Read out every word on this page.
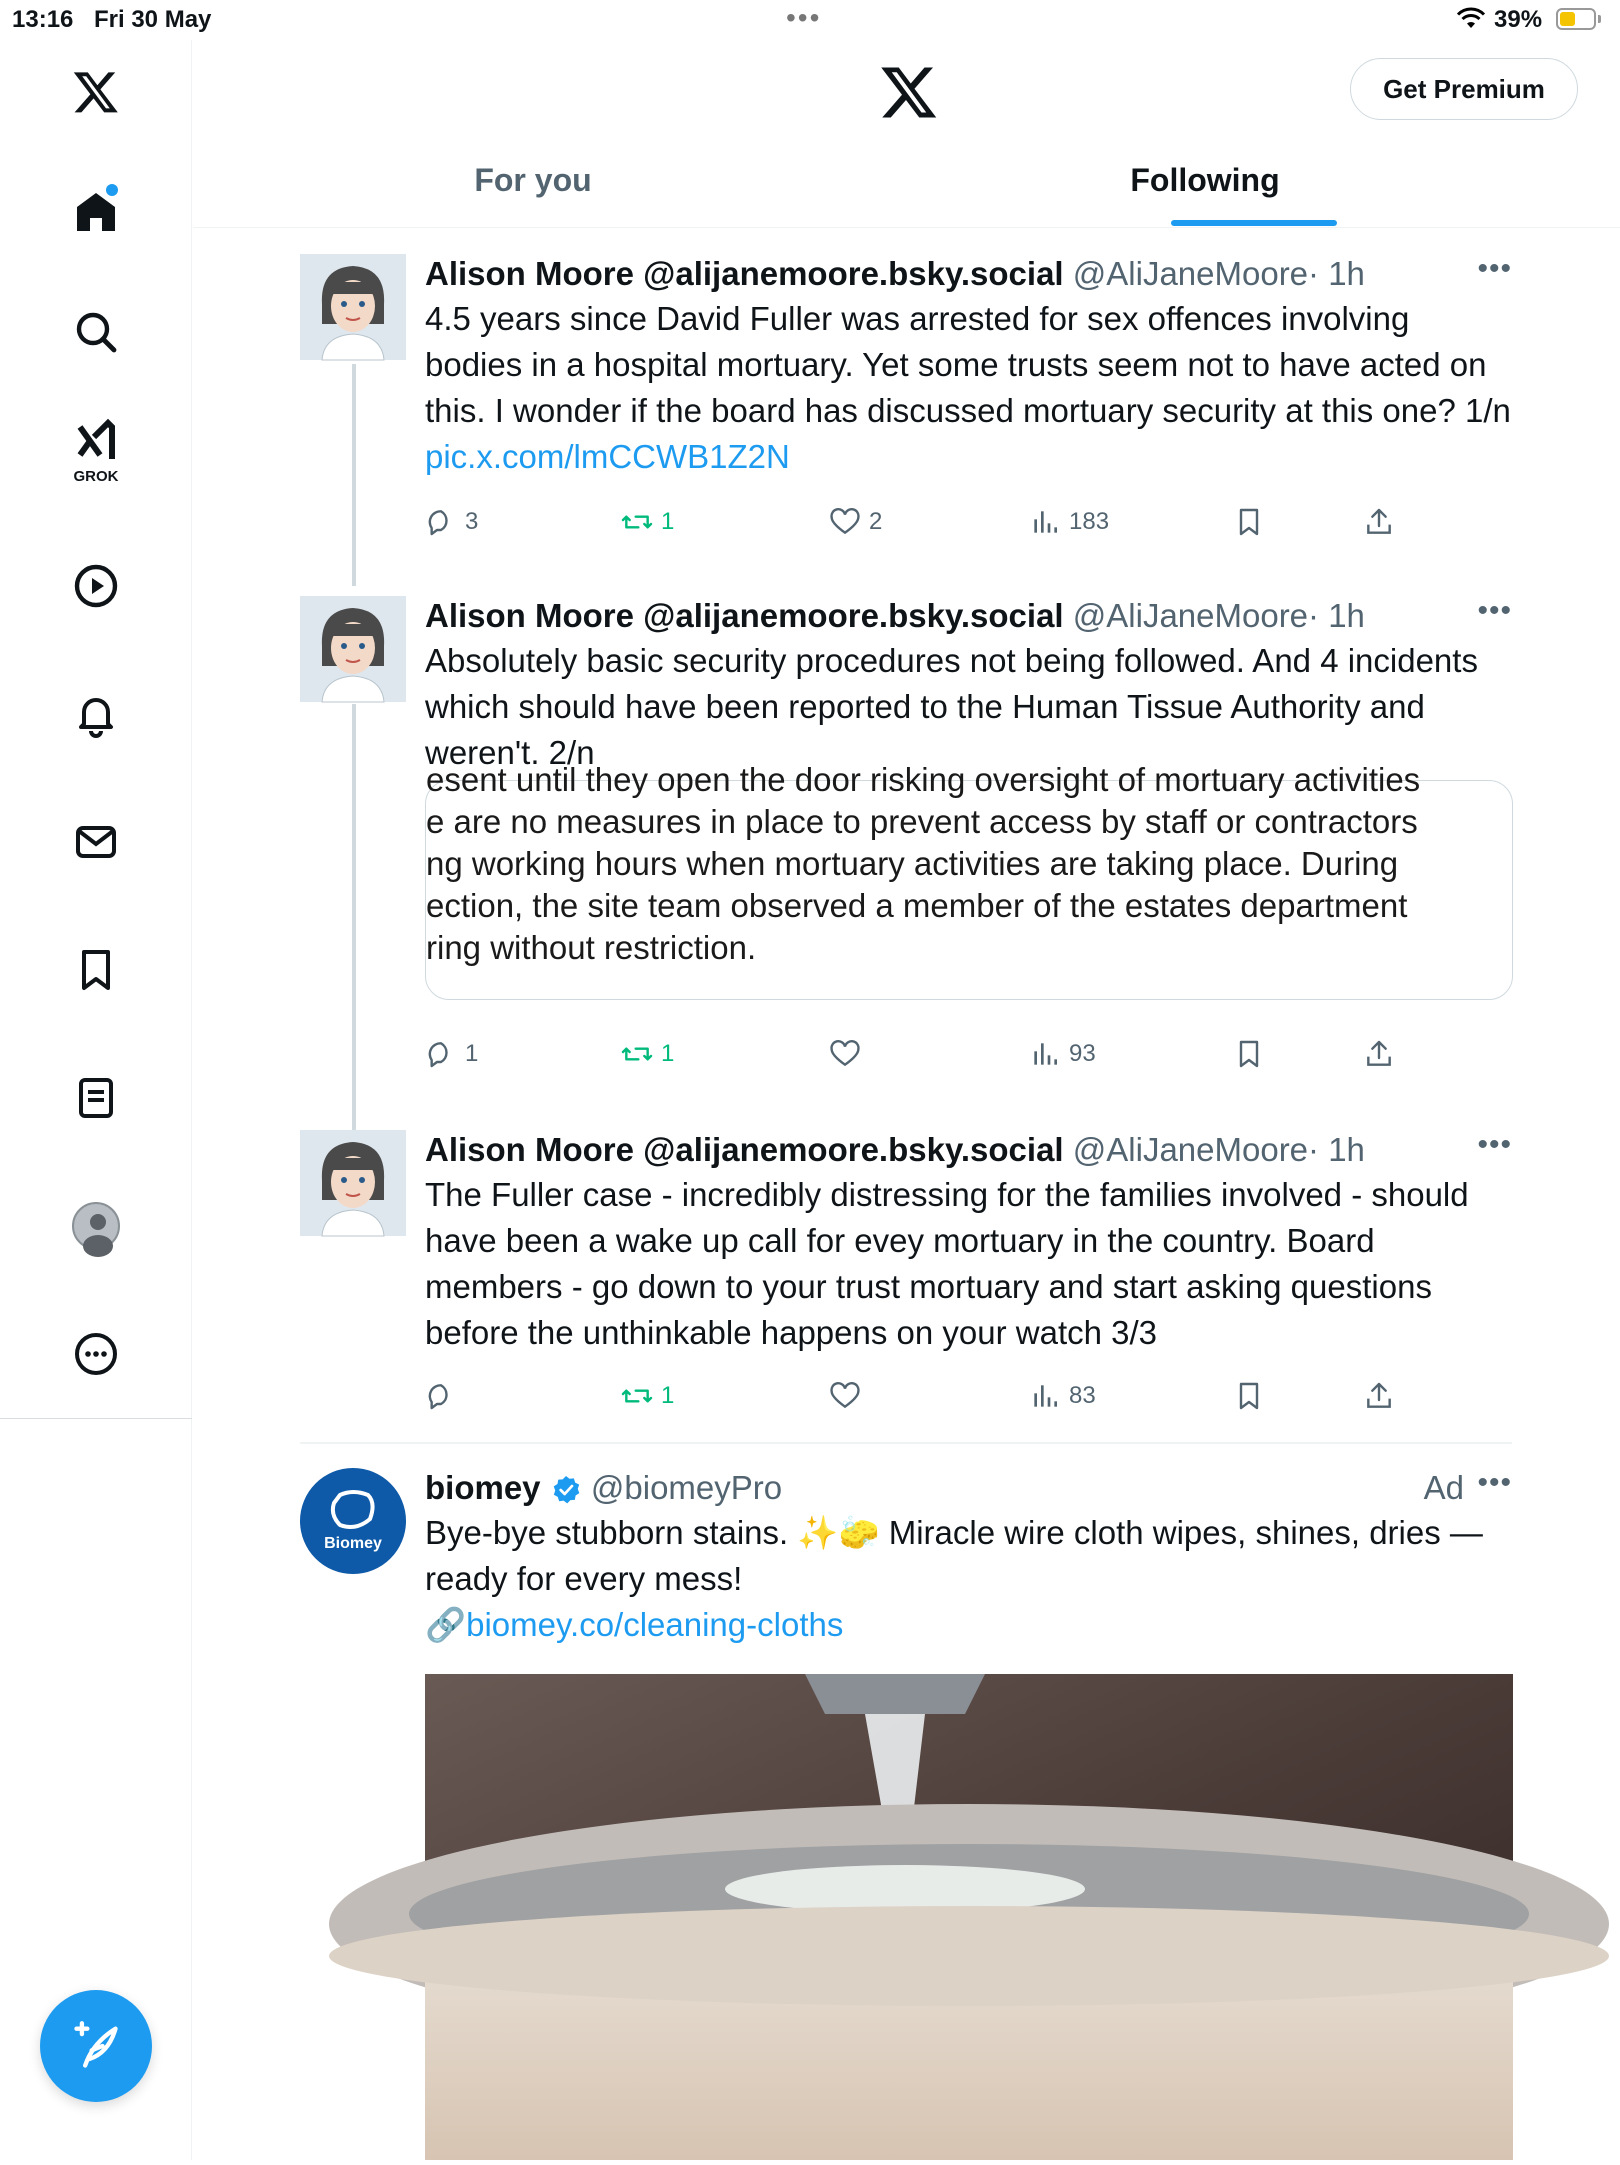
13:16 Fri 30 May	•••	39%
GROK
Get Premium
For you	Following
Alison Moore @alijanemoore.bsky.social @AliJaneMoore· 1h	•••
4.5 years since David Fuller was arrested for sex offences involving bodies in a hospital mortuary. Yet some trusts seem not to have acted on this. I wonder if the board has discussed mortuary security at this one? 1/n pic.x.com/lmCCWB1Z2N
3	1	2	183
Alison Moore @alijanemoore.bsky.social @AliJaneMoore· 1h	•••
Absolutely basic security procedures not being followed. And 4 incidents which should have been reported to the Human Tissue Authority and weren't. 2/n
esent until they open the door risking oversight of mortuary activities
e are no measures in place to prevent access by staff or contractors
ng working hours when mortuary activities are taking place. During
ection, the site team observed a member of the estates department
ring without restriction.
1	1	93
Alison Moore @alijanemoore.bsky.social @AliJaneMoore· 1h	•••
The Fuller case - incredibly distressing for the families involved - should have been a wake up call for evey mortuary in the country. Board members - go down to your trust mortuary and start asking questions before the unthinkable happens on your watch 3/3
1	83
Biomey
biomey @biomeyPro	Ad •••
Bye-bye stubborn stains. ✨🧽 Miracle wire cloth wipes, shines, dries —ready for every mess!
🔗biomey.co/cleaning-cloths
